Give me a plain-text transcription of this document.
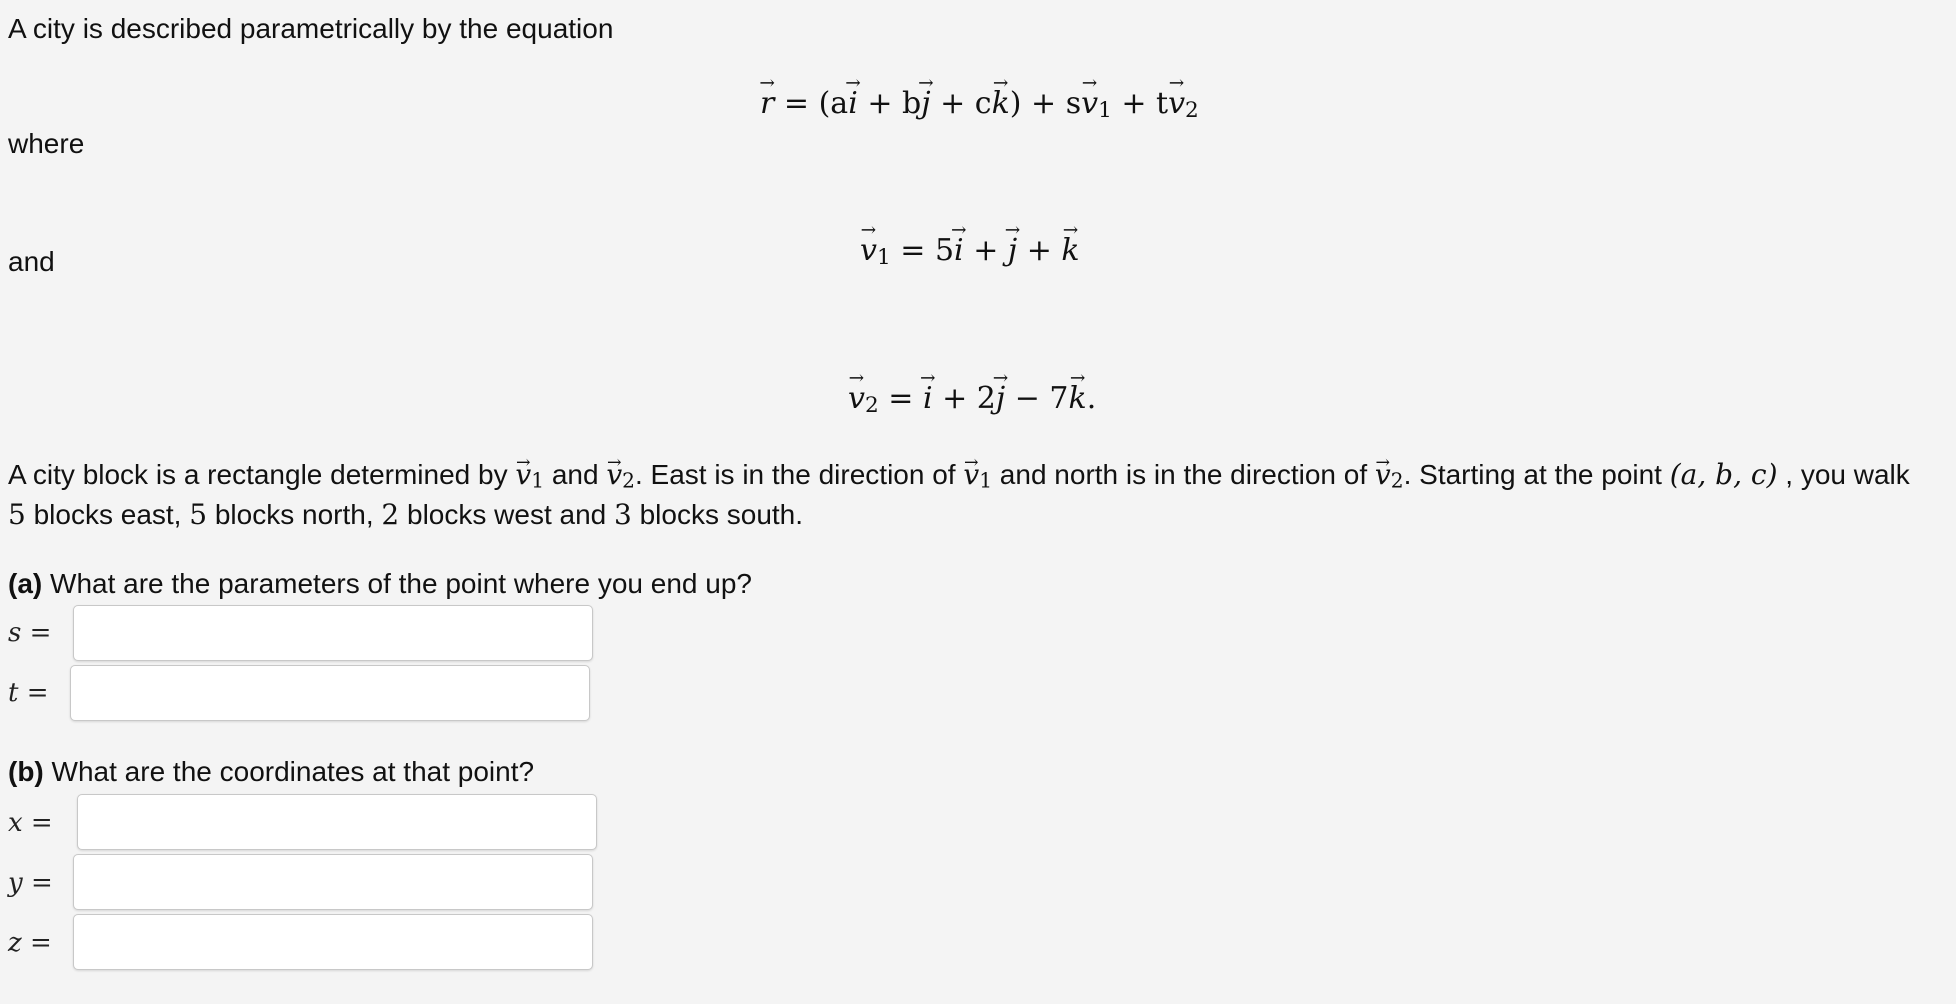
A city is described parametrically by the equation
→ r = (a→ i + b→ j + c→ k) + s→ v1 + t→ v2
where
→ v1 = 5→ i + → j + → k
and
→ v2 = → i + 2→ j − 7→ k.
A city block is a rectangle determined by → v1 and → v2. East is in the direction of → v1 and north is in the direction of → v2. Starting at the point (a, b, c) , you walk
5 blocks east, 5 blocks north, 2 blocks west and 3 blocks south.
(a) What are the parameters of the point where you end up?
s =
t =
(b) What are the coordinates at that point?
x =
y =
z =
